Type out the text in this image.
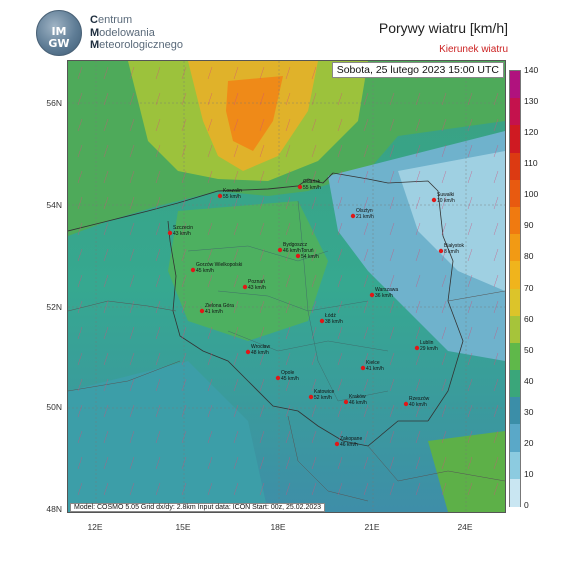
IM
GW
Centrum
Modelowania
Meteorologicznego
Porywy wiatru [km/h]
Kierunek wiatru
Sobota, 25 lutego 2023 15:00 UTC
Model: COSMO 5.05 Grid dx/dy: 2.8km Input data: ICON Start: 00z, 25.02.2023
Gdańsk
55 km/h
Koszalin
55 km/h	Suwałki
10 km/h
Olsztyn
21 km/h
Szczecin
43 km/h
Bydgoszcz
46 km/h Toruń
54 km/h
Białystok
8 km/h
Gorzów Wielkopolski
45 km/h
Poznań
43 km/h	Warszawa
36 km/h
Zielona Góra
41 km/h
Łódź
38 km/h
Lublin
29 km/h
Wrocław
48 km/h
Kielce
41 km/h
Opole
45 km/h
Katowice
52 km/h	Kraków
46 km/h
Rzeszów
40 km/h
Zakopane
46 km/h
56N
54N
52N
50N
48N
12E	15E	18E	21E	24E
140
130
120
110
100
90
80
70
60
50
40
30
20
10
0
